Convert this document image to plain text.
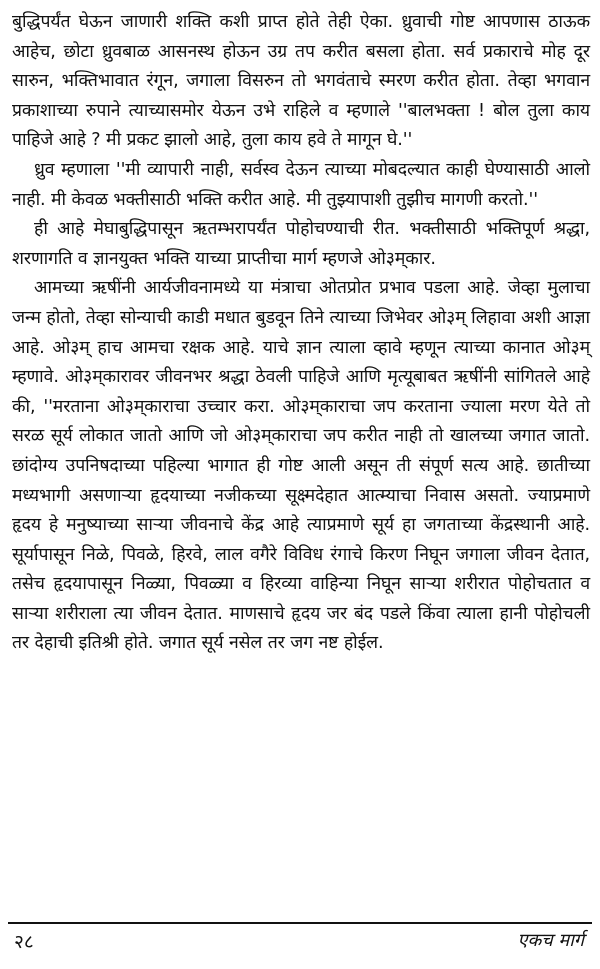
बुद्धिपर्यंत घेऊन जाणारी शक्ति कशी प्राप्त होते तेही ऐका. ध्रुवाची गोष्ट आपणास ठाऊक आहेच, छोटा ध्रुवबाळ आसनस्थ होऊन उग्र तप करीत बसला होता. सर्व प्रकाराचे मोह दूर सारुन, भक्तिभावात रंगून, जगाला विसरुन तो भगवंताचे स्मरण करीत होता. तेव्हा भगवान प्रकाशाच्या रुपाने त्याच्यासमोर येऊन उभे राहिले व म्हणाले ''बालभक्ता ! बोल तुला काय पाहिजे आहे ? मी प्रकट झालो आहे, तुला काय हवे ते मागून घे.''

ध्रुव म्हणाला ''मी व्यापारी नाही, सर्वस्व देऊन त्याच्या मोबदल्यात काही घेण्यासाठी आलो नाही. मी केवळ भक्तीसाठी भक्ति करीत आहे. मी तुझ्यापाशी तुझीच मागणी करतो.''

ही आहे मेघाबुद्धिपासून ऋतम्भरापर्यंत पोहोचण्याची रीत. भक्तीसाठी भक्तिपूर्ण श्रद्धा, शरणागति व ज्ञानयुक्त भक्ति याच्या प्राप्तीचा मार्ग म्हणजे ओ३म्‌कार.

आमच्या ऋषींनी आर्यजीवनामध्ये या मंत्राचा ओतप्रोत प्रभाव पडला आहे. जेव्हा मुलाचा जन्म होतो, तेव्हा सोन्याची काडी मधात बुडवून तिने त्याच्या जिभेवर ओ३म्‌ लिहावा अशी आज्ञा आहे. ओ३म्‌ हाच आमचा रक्षक आहे. याचे ज्ञान त्याला व्हावे म्हणून त्याच्या कानात ओ३म्‌ म्हणावे. ओ३म्‌कारावर जीवनभर श्रद्धा ठेवली पाहिजे आणि मृत्यूबाबत ऋषींनी सांगितले आहे की, ''मरताना ओ३म्‌काराचा उच्चार करा. ओ३म्‌काराचा जप करताना ज्याला मरण येते तो सरळ सूर्य लोकात जातो आणि जो ओ३म्‌काराचा जप करीत नाही तो खालच्या जगात जातो. छांदोग्य उपनिषदाच्या पहिल्या भागात ही गोष्ट आली असून ती संपूर्ण सत्य आहे. छातीच्या मध्यभागी असणाऱ्या हृदयाच्या नजीकच्या सूक्ष्मदेहात आत्म्याचा निवास असतो. ज्याप्रमाणे हृदय हे मनुष्याच्या साऱ्या जीवनाचे केंद्र आहे त्याप्रमाणे सूर्य हा जगताच्या केंद्रस्थानी आहे. सूर्यापासून निळे, पिवळे, हिरवे, लाल वगैरे विविध रंगाचे किरण निघून जगाला जीवन देतात, तसेच हृदयापासून निळ्या, पिवळ्या व हिरव्या वाहिन्या निघून साऱ्या शरीरात पोहोचतात व साऱ्या शरीराला त्या जीवन देतात. माणसाचे हृदय जर बंद पडले किंवा त्याला हानी पोहोचली तर देहाची इतिश्री होते. जगात सूर्य नसेल तर जग नष्ट होईल.

२८	एकच मार्ग
